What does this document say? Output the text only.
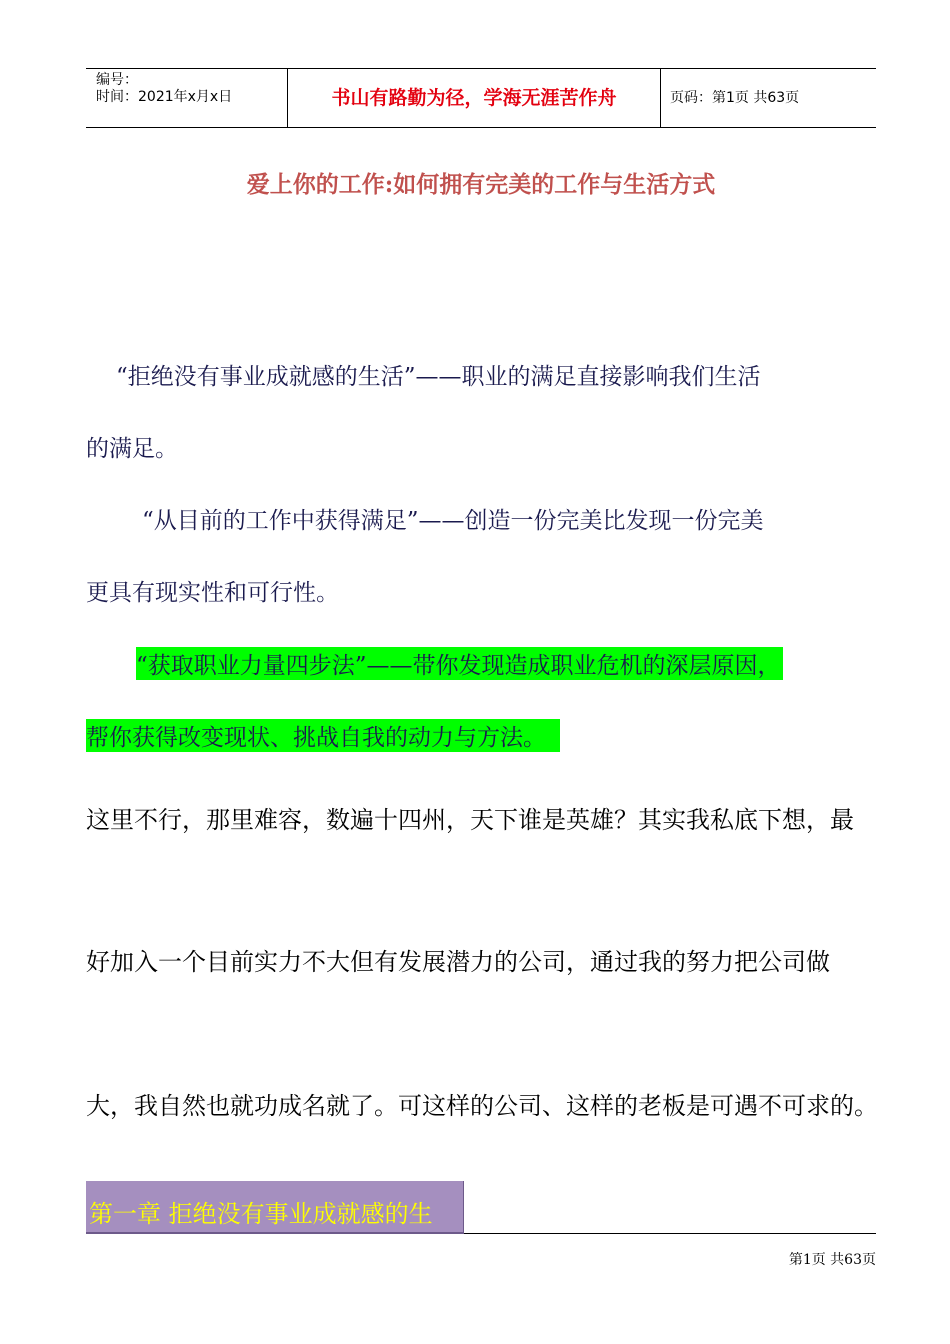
编号：
时间：2021年x月x日	书山有路勤为径，学海无涯苦作舟	页码：第1页 共63页
爱上你的工作:如何拥有完美的工作与生活方式
“拒绝没有事业成就感的生活”——职业的满足直接影响我们生活
的满足。
“从目前的工作中获得满足”——创造一份完美比发现一份完美
更具有现实性和可行性。
“获取职业力量四步法”——带你发现造成职业危机的深层原因，
帮你获得改变现状、挑战自我的动力与方法。
这里不行，那里难容，数遍十四州，天下谁是英雄？其实我私底下想，最
好加入一个目前实力不大但有发展潜力的公司，通过我的努力把公司做
大，我自然也就功成名就了。可这样的公司、这样的老板是可遇不可求的。
第一章 拒绝没有事业成就感的生
第1页 共63页
